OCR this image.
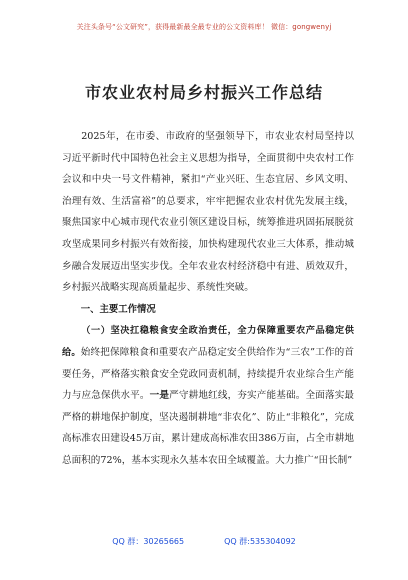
关注头条号“公文研究”，获得最新最全最专业的公文资料库！ 微信：gongwenyj
市农业农村局乡村振兴工作总结

2025年，在市委、市政府的坚强领导下，市农业农村局坚持以习近平新时代中国特色社会主义思想为指导，全面贯彻中央农村工作会议和中央一号文件精神，紧扣“产业兴旺、生态宜居、乡风文明、治理有效、生活富裕”的总要求，牢牢把握农业农村优先发展主线，聚焦国家中心城市现代农业引领区建设目标，统筹推进巩固拓展脱贫攻坚成果同乡村振兴有效衔接，加快构建现代农业三大体系，推动城乡融合发展迈出坚实步伐。全年农业农村经济稳中有进、质效双升，乡村振兴战略实现高质量起步、系统性突破。

一、主要工作情况

（一）坚决扛稳粮食安全政治责任，全力保障重要农产品稳定供给。始终把保障粮食和重要农产品稳定安全供给作为“三农”工作的首要任务，严格落实粮食安全党政同责机制，持续提升农业综合生产能力与应急保供水平。一是严守耕地红线，夯实产能基础。全面落实最严格的耕地保护制度，坚决遏制耕地“非农化”、防止“非粮化”，完成高标准农田建设45万亩，累计建成高标准农田386万亩，占全市耕地总面积的72%，基本实现永久基本农田全域覆盖。大力推广“田长制”

QQ 群：30265665	QQ 群:535304092
